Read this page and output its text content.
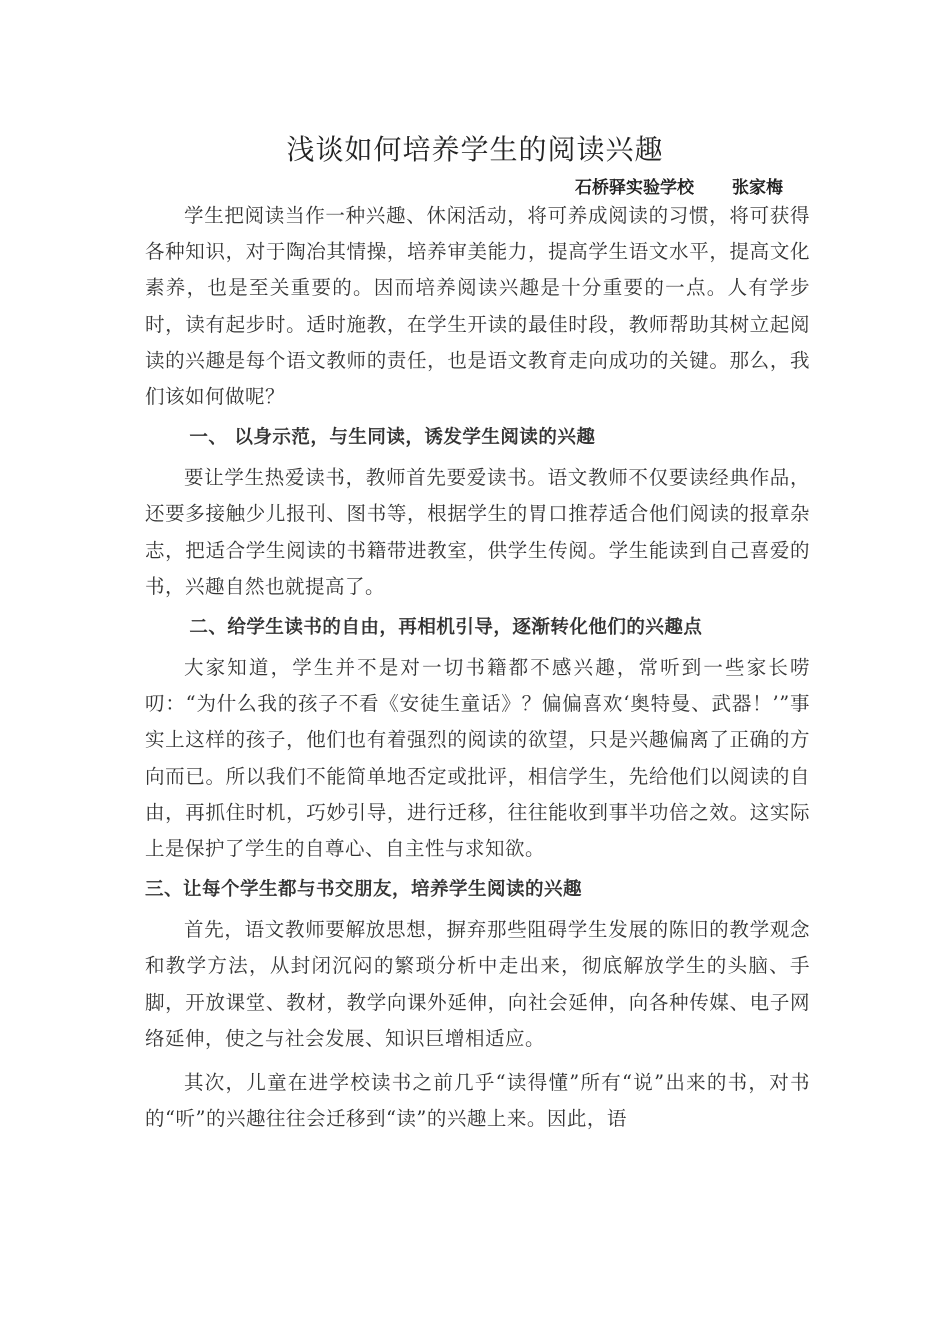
浅谈如何培养学生的阅读兴趣
石桥驿实验学校 张家梅

学生把阅读当作一种兴趣、休闲活动，将可养成阅读的习惯，将可获得各种知识，对于陶冶其情操，培养审美能力，提高学生语文水平，提高文化素养，也是至关重要的。因而培养阅读兴趣是十分重要的一点。人有学步时，读有起步时。适时施教，在学生开读的最佳时段，教师帮助其树立起阅读的兴趣是每个语文教师的责任，也是语文教育走向成功的关键。那么，我们该如何做呢？

一、 以身示范，与生同读，诱发学生阅读的兴趣

要让学生热爱读书，教师首先要爱读书。语文教师不仅要读经典作品，还要多接触少儿报刊、图书等，根据学生的胃口推荐适合他们阅读的报章杂志，把适合学生阅读的书籍带进教室，供学生传阅。学生能读到自己喜爱的书，兴趣自然也就提高了。

二、给学生读书的自由，再相机引导，逐渐转化他们的兴趣点

大家知道，学生并不是对一切书籍都不感兴趣，常听到一些家长唠叨：“为什么我的孩子不看《安徒生童话》？偏偏喜欢‘奥特曼、武器！’”事实上这样的孩子，他们也有着强烈的阅读的欲望，只是兴趣偏离了正确的方向而已。所以我们不能简单地否定或批评，相信学生，先给他们以阅读的自由，再抓住时机，巧妙引导，进行迁移，往往能收到事半功倍之效。这实际上是保护了学生的自尊心、自主性与求知欲。

三、让每个学生都与书交朋友，培养学生阅读的兴趣

首先，语文教师要解放思想，摒弃那些阻碍学生发展的陈旧的教学观念和教学方法，从封闭沉闷的繁琐分析中走出来，彻底解放学生的头脑、手脚，开放课堂、教材，教学向课外延伸，向社会延伸，向各种传媒、电子网络延伸，使之与社会发展、知识巨增相适应。

其次，儿童在进学校读书之前几乎“读得懂”所有“说”出来的书，对书的“听”的兴趣往往会迁移到“读”的兴趣上来。因此，语
